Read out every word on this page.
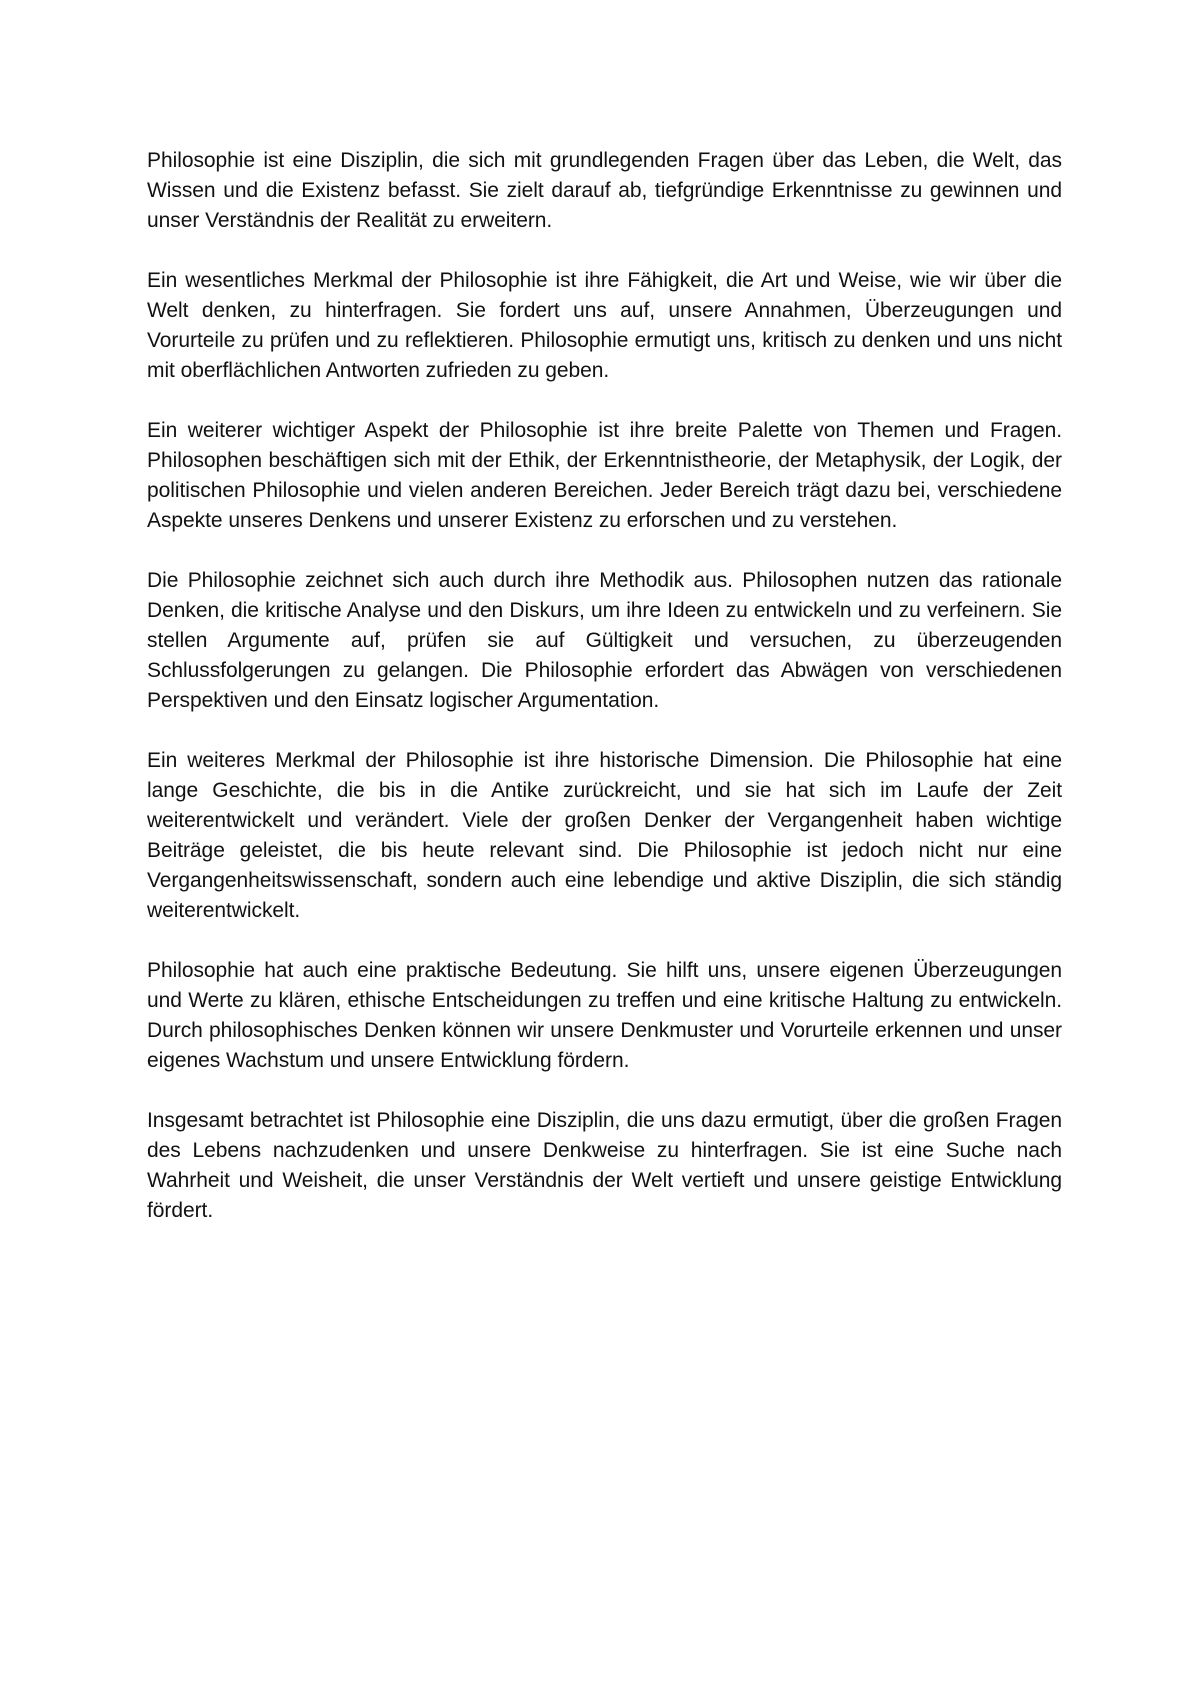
Philosophie ist eine Disziplin, die sich mit grundlegenden Fragen über das Leben, die Welt, das Wissen und die Existenz befasst. Sie zielt darauf ab, tiefgründige Erkenntnisse zu gewinnen und unser Verständnis der Realität zu erweitern.

Ein wesentliches Merkmal der Philosophie ist ihre Fähigkeit, die Art und Weise, wie wir über die Welt denken, zu hinterfragen. Sie fordert uns auf, unsere Annahmen, Überzeugungen und Vorurteile zu prüfen und zu reflektieren. Philosophie ermutigt uns, kritisch zu denken und uns nicht mit oberflächlichen Antworten zufrieden zu geben.

Ein weiterer wichtiger Aspekt der Philosophie ist ihre breite Palette von Themen und Fragen. Philosophen beschäftigen sich mit der Ethik, der Erkenntnistheorie, der Metaphysik, der Logik, der politischen Philosophie und vielen anderen Bereichen. Jeder Bereich trägt dazu bei, verschiedene Aspekte unseres Denkens und unserer Existenz zu erforschen und zu verstehen.

Die Philosophie zeichnet sich auch durch ihre Methodik aus. Philosophen nutzen das rationale Denken, die kritische Analyse und den Diskurs, um ihre Ideen zu entwickeln und zu verfeinern. Sie stellen Argumente auf, prüfen sie auf Gültigkeit und versuchen, zu überzeugenden Schlussfolgerungen zu gelangen. Die Philosophie erfordert das Abwägen von verschiedenen Perspektiven und den Einsatz logischer Argumentation.

Ein weiteres Merkmal der Philosophie ist ihre historische Dimension. Die Philosophie hat eine lange Geschichte, die bis in die Antike zurückreicht, und sie hat sich im Laufe der Zeit weiterentwickelt und verändert. Viele der großen Denker der Vergangenheit haben wichtige Beiträge geleistet, die bis heute relevant sind. Die Philosophie ist jedoch nicht nur eine Vergangenheitswissenschaft, sondern auch eine lebendige und aktive Disziplin, die sich ständig weiterentwickelt.

Philosophie hat auch eine praktische Bedeutung. Sie hilft uns, unsere eigenen Überzeugungen und Werte zu klären, ethische Entscheidungen zu treffen und eine kritische Haltung zu entwickeln. Durch philosophisches Denken können wir unsere Denkmuster und Vorurteile erkennen und unser eigenes Wachstum und unsere Entwicklung fördern.

Insgesamt betrachtet ist Philosophie eine Disziplin, die uns dazu ermutigt, über die großen Fragen des Lebens nachzudenken und unsere Denkweise zu hinterfragen. Sie ist eine Suche nach Wahrheit und Weisheit, die unser Verständnis der Welt vertieft und unsere geistige Entwicklung fördert.
